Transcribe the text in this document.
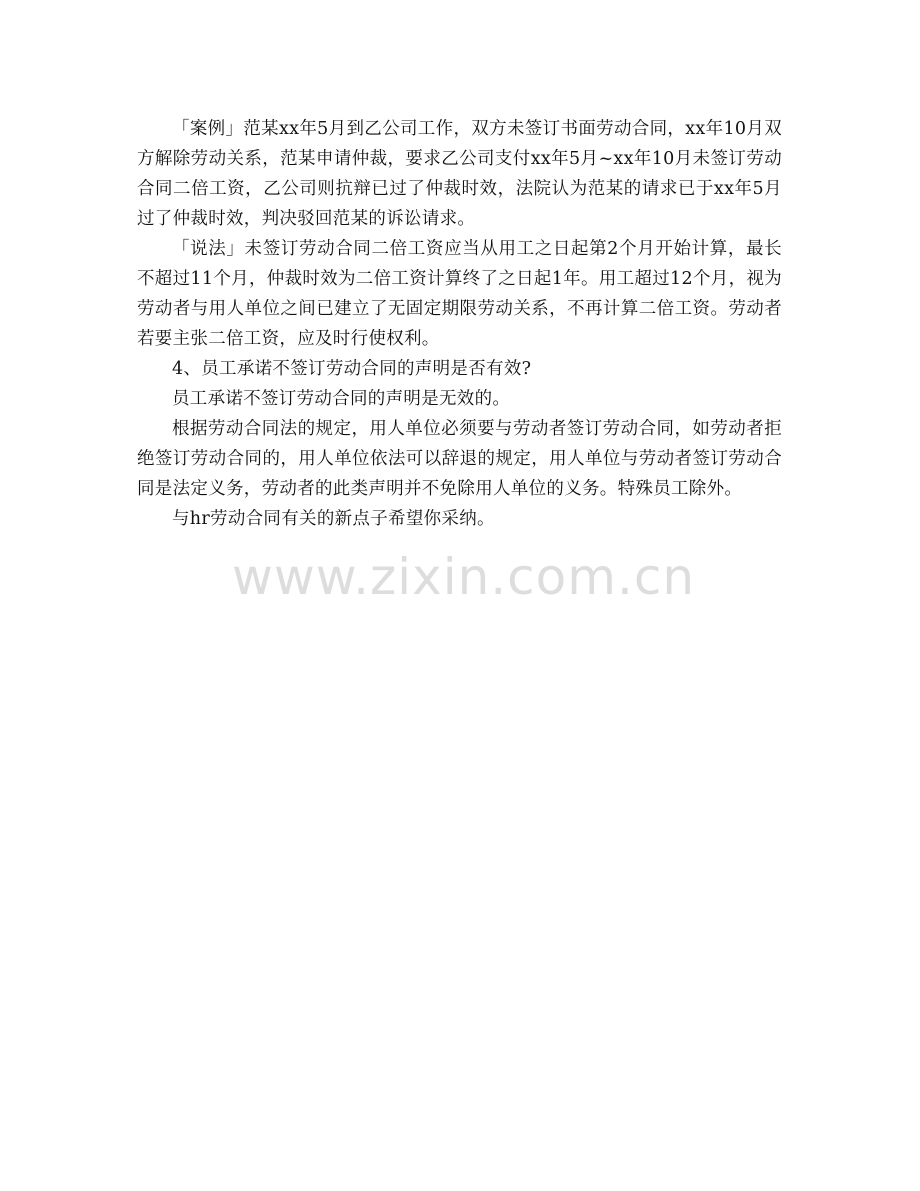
「案例」范某xx年5月到乙公司工作，双方未签订书面劳动合同，xx年10月双方解除劳动关系，范某申请仲裁，要求乙公司支付xx年5月~xx年10月未签订劳动合同二倍工资，乙公司则抗辩已过了仲裁时效，法院认为范某的请求已于xx年5月过了仲裁时效，判决驳回范某的诉讼请求。

「说法」未签订劳动合同二倍工资应当从用工之日起第2个月开始计算，最长不超过11个月，仲裁时效为二倍工资计算终了之日起1年。用工超过12个月，视为劳动者与用人单位之间已建立了无固定期限劳动关系，不再计算二倍工资。劳动者若要主张二倍工资，应及时行使权利。

4、员工承诺不签订劳动合同的声明是否有效?

员工承诺不签订劳动合同的声明是无效的。

根据劳动合同法的规定，用人单位必须要与劳动者签订劳动合同，如劳动者拒绝签订劳动合同的，用人单位依法可以辞退的规定，用人单位与劳动者签订劳动合同是法定义务，劳动者的此类声明并不免除用人单位的义务。特殊员工除外。

与hr劳动合同有关的新点子希望你采纳。

www.zixin.com.cn
